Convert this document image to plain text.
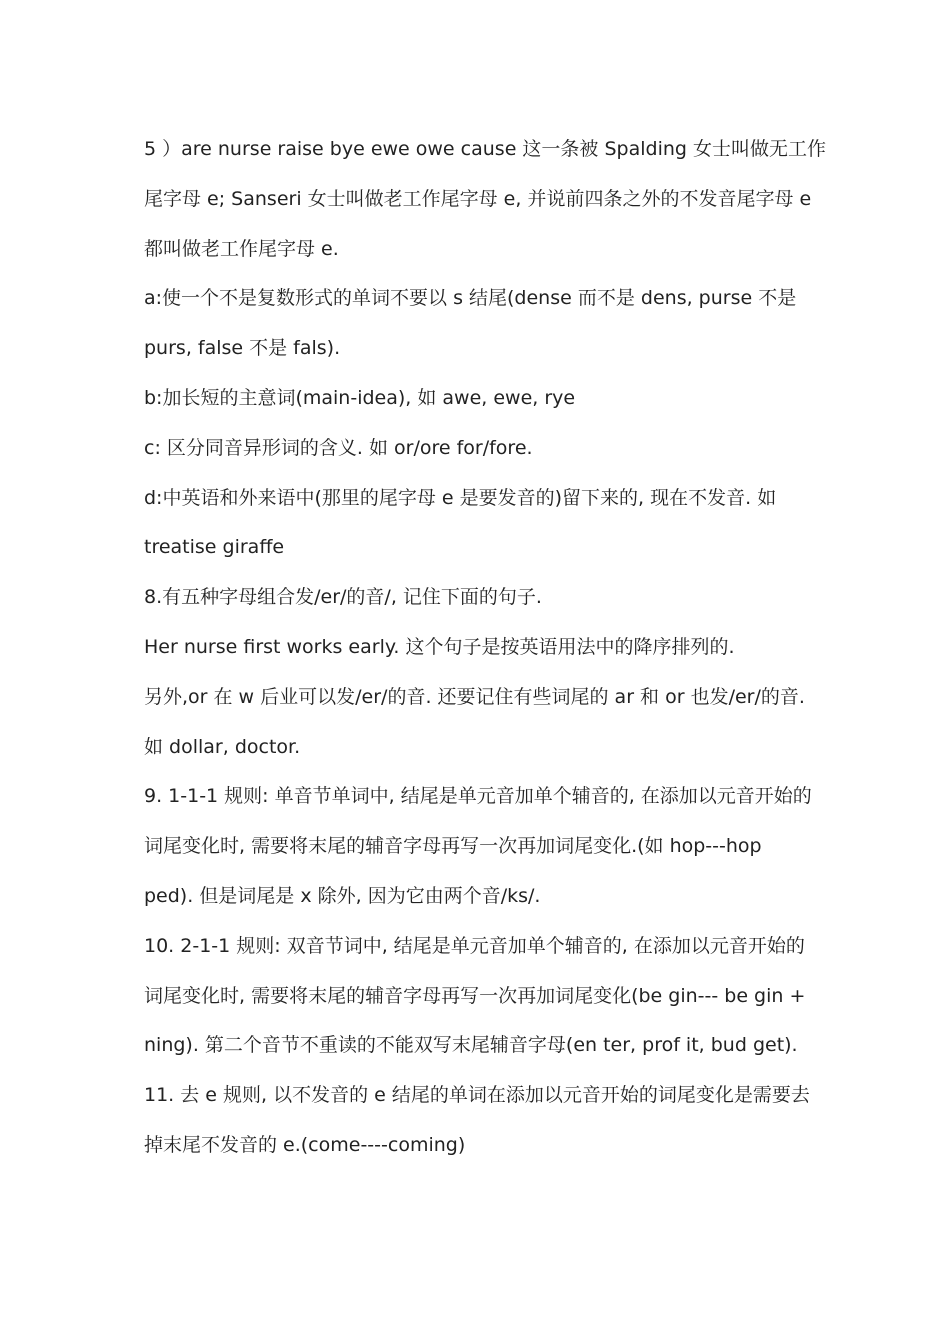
5 ）are nurse raise bye ewe owe cause 这一条被 Spalding 女士叫做无工作
尾字母 e; Sanseri 女士叫做老工作尾字母 e, 并说前四条之外的不发音尾字母 e
都叫做老工作尾字母 e.
a:使一个不是复数形式的单词不要以 s 结尾(dense 而不是 dens, purse 不是
purs, false 不是 fals).
b:加长短的主意词(main-idea), 如 awe, ewe, rye
c: 区分同音异形词的含义. 如 or/ore for/fore.
d:中英语和外来语中(那里的尾字母 e 是要发音的)留下来的, 现在不发音. 如
treatise giraffe
8.有五种字母组合发/er/的音/, 记住下面的句子.
Her nurse first works early. 这个句子是按英语用法中的降序排列的.
另外,or 在 w 后业可以发/er/的音. 还要记住有些词尾的 ar 和 or 也发/er/的音.
如 dollar, doctor.
9. 1-1-1 规则: 单音节单词中, 结尾是单元音加单个辅音的, 在添加以元音开始的
词尾变化时, 需要将末尾的辅音字母再写一次再加词尾变化.(如 hop---hop
ped). 但是词尾是 x 除外, 因为它由两个音/ks/.
10. 2-1-1 规则: 双音节词中, 结尾是单元音加单个辅音的, 在添加以元音开始的
词尾变化时, 需要将末尾的辅音字母再写一次再加词尾变化(be gin--- be gin +
ning). 第二个音节不重读的不能双写末尾辅音字母(en ter, prof it, bud get).
11. 去 e 规则, 以不发音的 e 结尾的单词在添加以元音开始的词尾变化是需要去
掉末尾不发音的 e.(come----coming)
